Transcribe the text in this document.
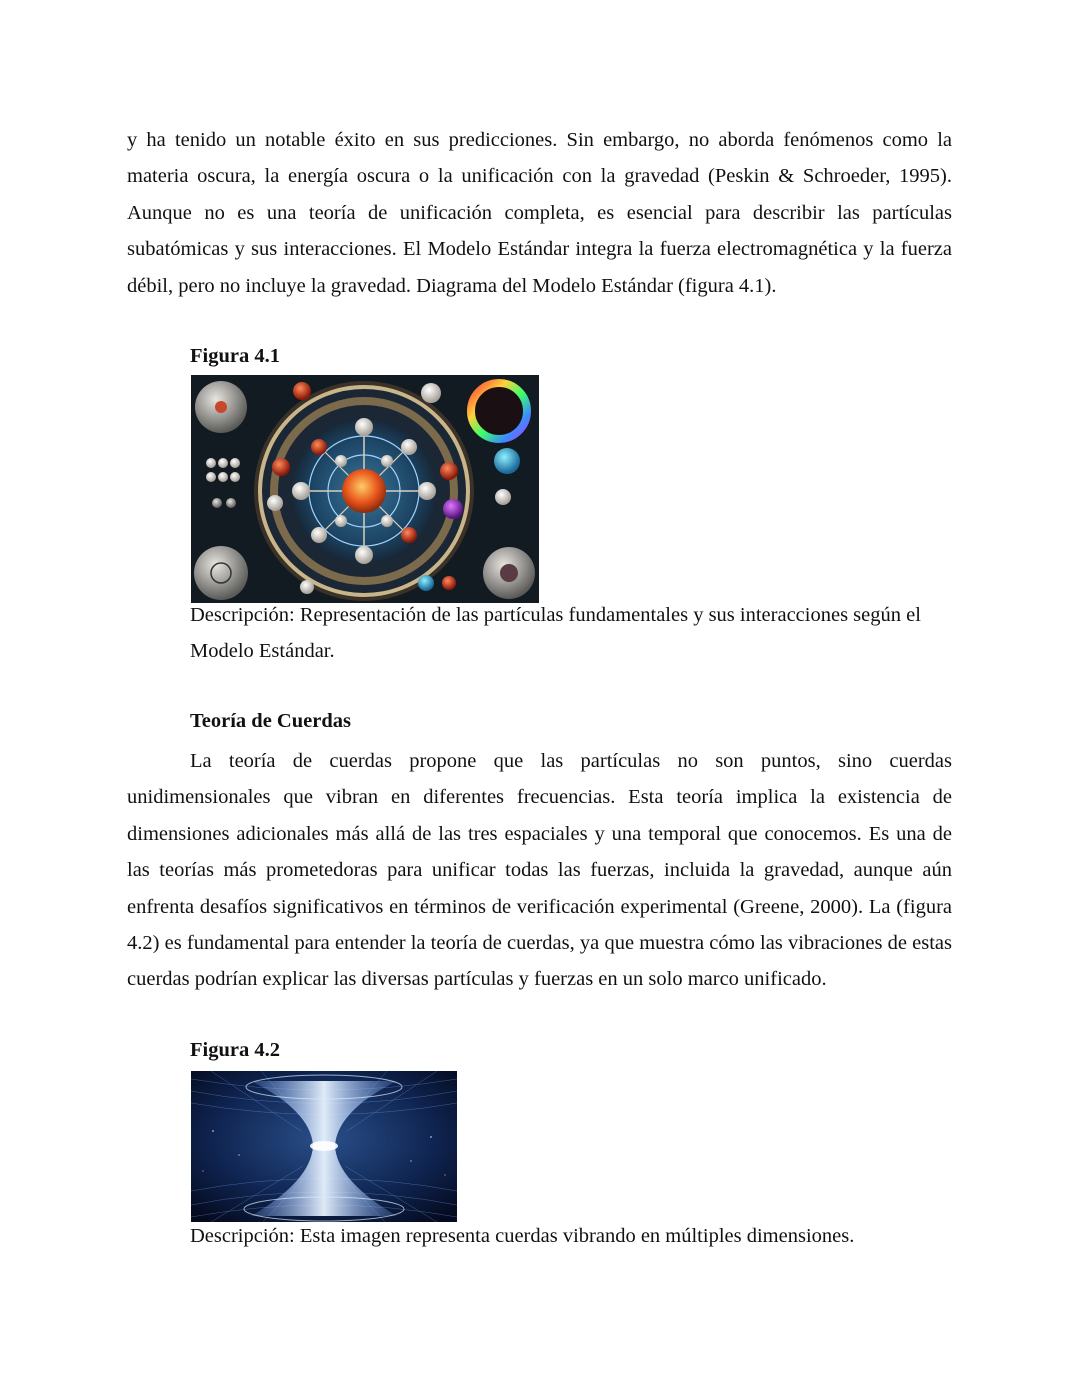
y ha tenido un notable éxito en sus predicciones. Sin embargo, no aborda fenómenos como la materia oscura, la energía oscura o la unificación con la gravedad (Peskin & Schroeder, 1995). Aunque no es una teoría de unificación completa, es esencial para describir las partículas subatómicas y sus interacciones. El Modelo Estándar integra la fuerza electromagnética y la fuerza débil, pero no incluye la gravedad. Diagrama del Modelo Estándar (figura 4.1).

Figura 4.1

Descripción: Representación de las partículas fundamentales y sus interacciones según el Modelo Estándar.

Teoría de Cuerdas

La teoría de cuerdas propone que las partículas no son puntos, sino cuerdas unidimensionales que vibran en diferentes frecuencias. Esta teoría implica la existencia de dimensiones adicionales más allá de las tres espaciales y una temporal que conocemos. Es una de las teorías más prometedoras para unificar todas las fuerzas, incluida la gravedad, aunque aún enfrenta desafíos significativos en términos de verificación experimental (Greene, 2000). La (figura 4.2) es fundamental para entender la teoría de cuerdas, ya que muestra cómo las vibraciones de estas cuerdas podrían explicar las diversas partículas y fuerzas en un solo marco unificado.

Figura 4.2

Descripción: Esta imagen representa cuerdas vibrando en múltiples dimensiones.
